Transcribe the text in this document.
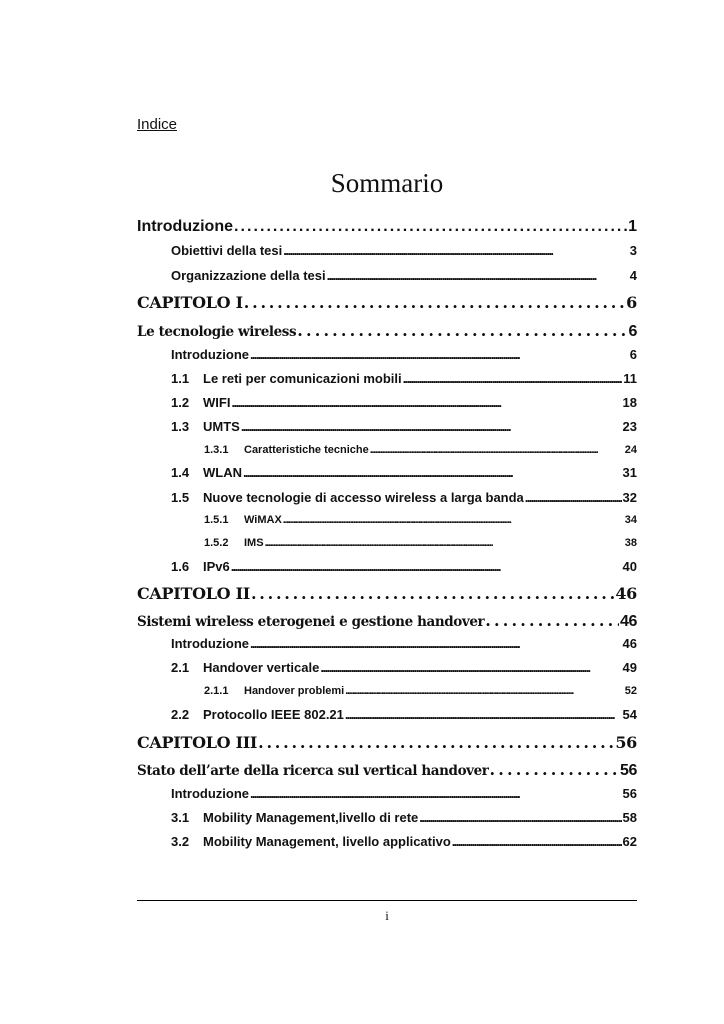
Indice
Sommario
Introduzione . . .	1
Obiettivi della tesi . . .	3
Organizzazione della tesi . . .	4
CAPITOLO I . . .	6
Le tecnologie wireless . . .	6
Introduzione . . .	6
1.1	Le reti per comunicazioni mobili . . .	11
1.2	WIFI . . .	18
1.3	UMTS . . .	23
1.3.1	Caratteristiche tecniche . . .	24
1.4	WLAN . . .	31
1.5	Nuove tecnologie di accesso wireless a larga banda . . .	32
1.5.1	WiMAX . . .	34
1.5.2	IMS . . .	38
1.6	IPv6 . . .	40
CAPITOLO II . . .	46
Sistemi wireless eterogenei e gestione handover . . .	46
Introduzione . . .	46
2.1	Handover verticale . . .	49
2.1.1	Handover problemi . . .	52
2.2	Protocollo IEEE 802.21 . . .	54
CAPITOLO III . . .	56
Stato dell’arte della ricerca sul vertical handover . . .	56
Introduzione . . .	56
3.1	Mobility Management,livello di rete . . .	58
3.2	Mobility Management, livello applicativo . . .	62
i
